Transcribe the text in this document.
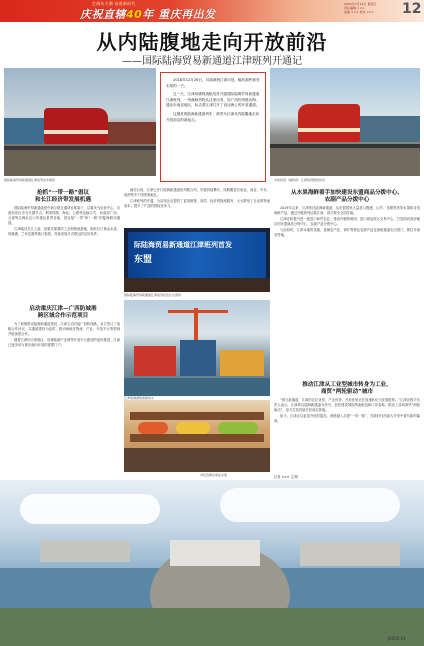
壮阔东方潮 奋进新时代
庆祝直辖40年 重庆再出发
2025年3月14日 星期五
责任编辑 ×××
美编 ××× 校对 ×××	12
从内陆腹地走向开放前沿
——国际陆海贸易新通道江津班列开通记
国际陆海贸易新通道江津班列发车现场

2018年12月26日，对渝津两江津可是。幅有那些被发未知的一天。

这一天，江津珞璜物流枢纽首开通国际陆海贸易新通道江津班列，一列满载货物从这里出发，经广西钦州港出海，通达东南亚地区，标志着江津打开了直达海上的开放通道。

这趟首班陆海新通道列车，被誉为江津从内陆腹地走向开放前沿的新起点。

中欧班列（渝新欧）江津班列整装待发
抢抓“一带一路”倡议
和长江经济带发展机遇

国际陆海贸易新通道是中新互联互通项目框架下，以重庆为运营中心，各西部省区市为关键节点，利用铁路、海运、公路等运输方式，向南经广西、云南等沿海沿边口岸通达世界各地，是连接“一带”和“一路”的陆海联动通道。

江津地处长江上游，是重庆重要的工业和物流基地，拥有长江黄金水道、珞璜港、兰家沱港等港口资源，具备发展多式联运的良好条件。

启动重庆江津—广西防城港
跨区域合作示范项目

为了积极推动陆海新通道建设，江津主动对接广西防城港，双方签订了战略合作协议，以通道建设为纽带，推动两地在物流、产业、开放平台等领域开展深度合作。

随着江津综合保税区、珞璜临港产业城等开放平台建设的加快推进，江津已逐步成为重庆南向开放的重要门户。

截至目前，江津已开行陆海新通道班列数百列，货值持续攀升，线路覆盖东南亚、南亚、中东、欧洲等多个国家和地区。

江津班列的开通，为沿线企业提供了更加便捷、高效、经济的物流服务，大大降低了企业的物流成本，提升了产品的国际竞争力。

际陆海贸易新通道江津班列首发
东盟
国际陆海贸易新通道江津班列首发仪式现场
江津珞璜港集装箱码头
市民选购东南亚水果
从水果海鲜着手加快建设东盟商品分拨中心、
农副产品分拨中心

2019年以来，江津依托陆海新通道，从东盟国家大量进口榴莲、山竹、龙眼等热带水果和各类海鲜产品，通过冷链班列运抵江津，再分拨至全国各地。

江津还积极引进一批进口商贸企业，建设冷链物流园、进口商品展示交易中心，打造面向西部地区的东盟商品分拨中心、农副产品分拨中心。

与此同时，江津本地的花椒、富硒农产品、茶叶等特色农副产品也借助通道走出国门，销往东南亚等地。

推动江津从工业型城市转身为工业、
商贸“两轮驱动”城市

“借力新通道，江津的区位优势、产业优势、开放优势正在加速转化为发展胜势。”江津区相关负责人表示，江津将以陆海新通道为牵引，加快建设国际物流枢纽和口岸高地，推动工业和商贸“两轮驱动”，奋力打造内陆开放前沿阵地。

如今，江津正以更加开放的姿态，深度融入共建“一带一路”，在新时代西部大开发中谱写新的篇章。

记者 ××× 文/图
J0005-01
